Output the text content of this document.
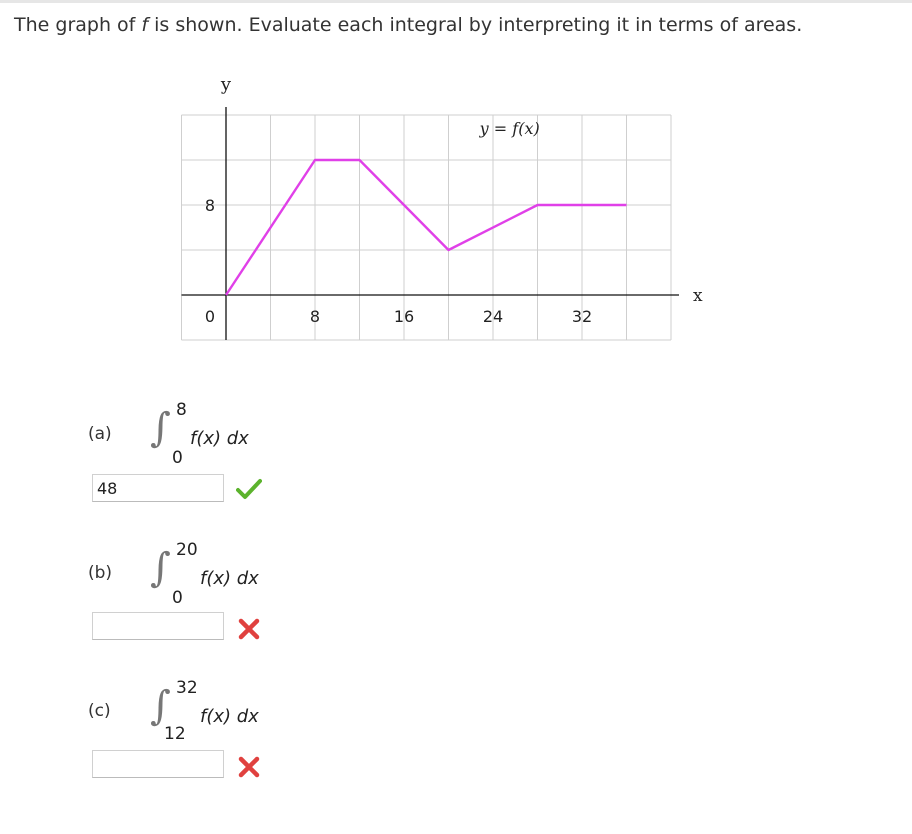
The graph of f is shown. Evaluate each integral by interpreting it in terms of areas.
x
y
0	8	16	24	32
8
y = f(x)
(a) ∫ 8
0
f(x) dx
48
(b) ∫ 20
0
f(x) dx
(c) ∫ 32
12
f(x) dx
